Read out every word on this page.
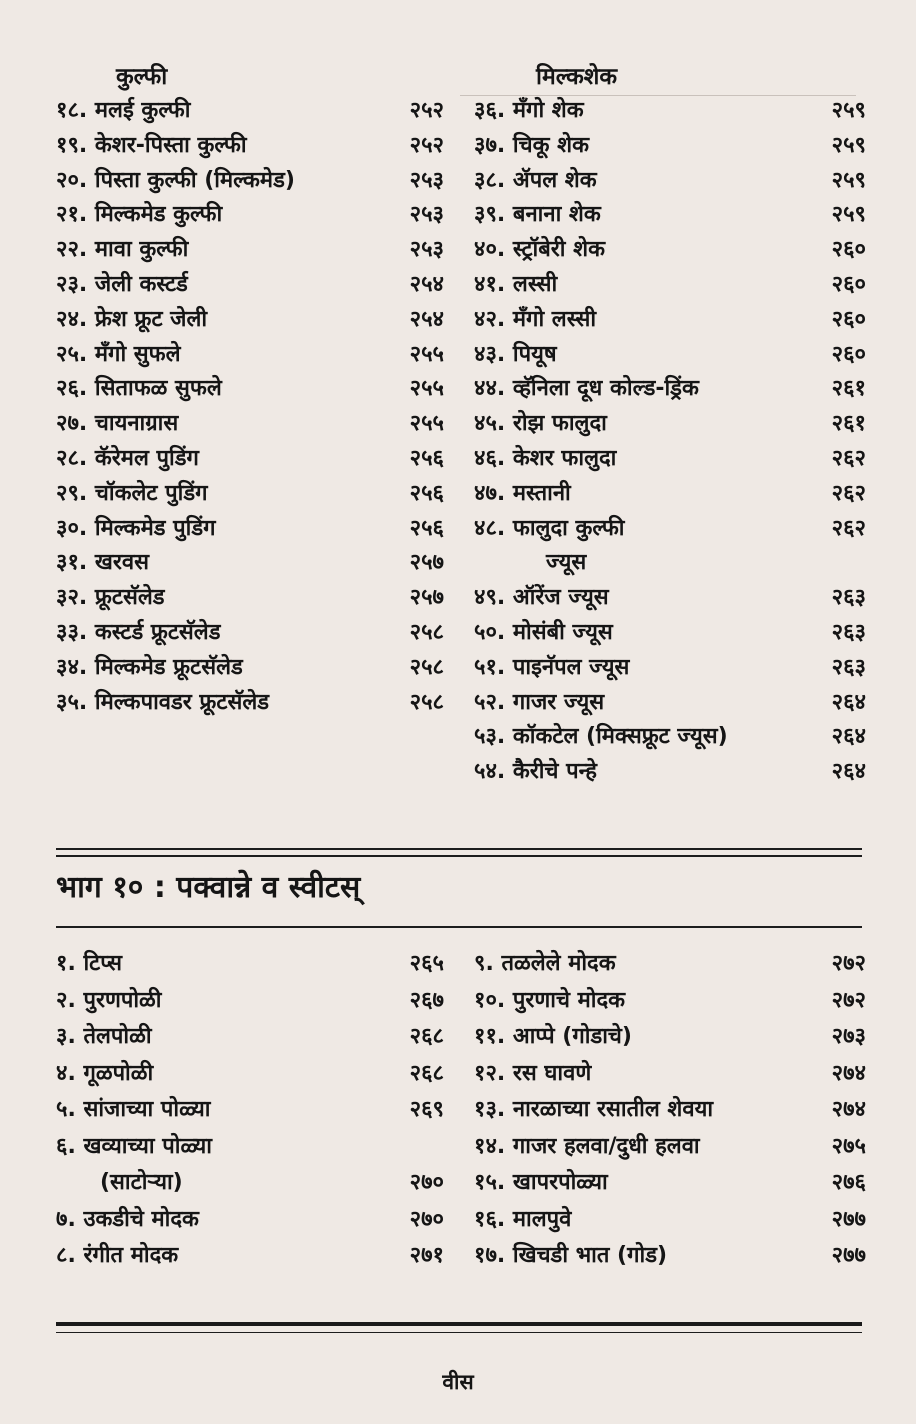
कुल्फी
१८. मलई कुल्फी	२५२
१९. केशर-पिस्ता कुल्फी	२५२
२०. पिस्ता कुल्फी (मिल्कमेड)	२५३
२१. मिल्कमेड कुल्फी	२५३
२२. मावा कुल्फी	२५३
२३. जेली कस्टर्ड	२५४
२४. फ्रेश फ्रूट जेली	२५४
२५. मँगो सुफले	२५५
२६. सिताफळ सुफले	२५५
२७. चायनाग्रास	२५५
२८. कॅरेमल पुडिंग	२५६
२९. चॉकलेट पुडिंग	२५६
३०. मिल्कमेड पुडिंग	२५६
३१. खरवस	२५७
३२. फ्रूटसॅलेड	२५७
३३. कस्टर्ड फ्रूटसॅलेड	२५८
३४. मिल्कमेड फ्रूटसॅलेड	२५८
३५. मिल्कपावडर फ्रूटसॅलेड	२५८
मिल्कशेक
३६. मँगो शेक	२५९
३७. चिकू शेक	२५९
३८. ॲपल शेक	२५९
३९. बनाना शेक	२५९
४०. स्ट्रॉबेरी शेक	२६०
४१. लस्सी	२६०
४२. मँगो लस्सी	२६०
४३. पियूष	२६०
४४. व्हॅनिला दूध कोल्ड-ड्रिंक	२६१
४५. रोझ फालुदा	२६१
४६. केशर फालुदा	२६२
४७. मस्तानी	२६२
४८. फालुदा कुल्फी	२६२
ज्यूस
४९. ऑरेंज ज्यूस	२६३
५०. मोसंबी ज्यूस	२६३
५१. पाइनॅपल ज्यूस	२६३
५२. गाजर ज्यूस	२६४
५३. कॉकटेल (मिक्सफ्रूट ज्यूस)	२६४
५४. कैरीचे पन्हे	२६४
भाग १० : पक्वान्ने व स्वीटस्
१. टिप्स	२६५
२. पुरणपोळी	२६७
३. तेलपोळी	२६८
४. गूळपोळी	२६८
५. सांजाच्या पोळ्या	२६९
६. खव्याच्या पोळ्या
(साटोऱ्या)	२७०
७. उकडीचे मोदक	२७०
८. रंगीत मोदक	२७१
९. तळलेले मोदक	२७२
१०. पुरणाचे मोदक	२७२
११. आप्पे (गोडाचे)	२७३
१२. रस घावणे	२७४
१३. नारळाच्या रसातील शेवया	२७४
१४. गाजर हलवा/दुधी हलवा	२७५
१५. खापरपोळ्या	२७६
१६. मालपुवे	२७७
१७. खिचडी भात (गोड)	२७७
वीस
